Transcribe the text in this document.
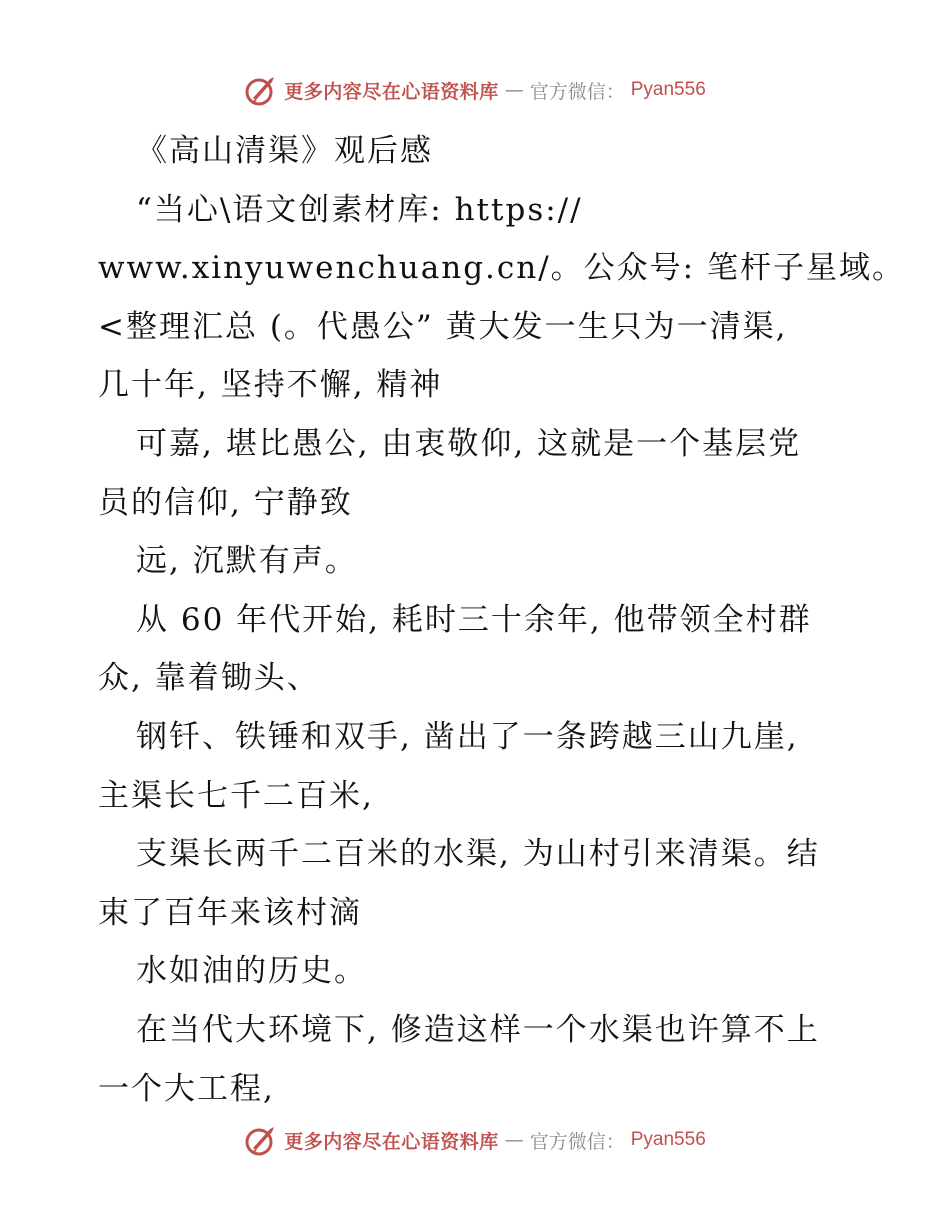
更多内容尽在心语资料库 — 官方微信： Pyan556
《高山清渠》观后感
“当心\语文创素材库: https://
www.xinyuwenchuang.cn/。公众号: 笔杆子星域。
<整理汇总 (。代愚公” 黄大发一生只为一清渠,
几十年, 坚持不懈, 精神
可嘉, 堪比愚公, 由衷敬仰, 这就是一个基层党
员的信仰, 宁静致
远, 沉默有声。
从 60 年代开始, 耗时三十余年, 他带领全村群
众, 靠着锄头、
钢钎、铁锤和双手, 凿出了一条跨越三山九崖,
主渠长七千二百米,
支渠长两千二百米的水渠, 为山村引来清渠。结
束了百年来该村滴
水如油的历史。
在当代大环境下, 修造这样一个水渠也许算不上
一个大工程,
更多内容尽在心语资料库 — 官方微信： Pyan556
